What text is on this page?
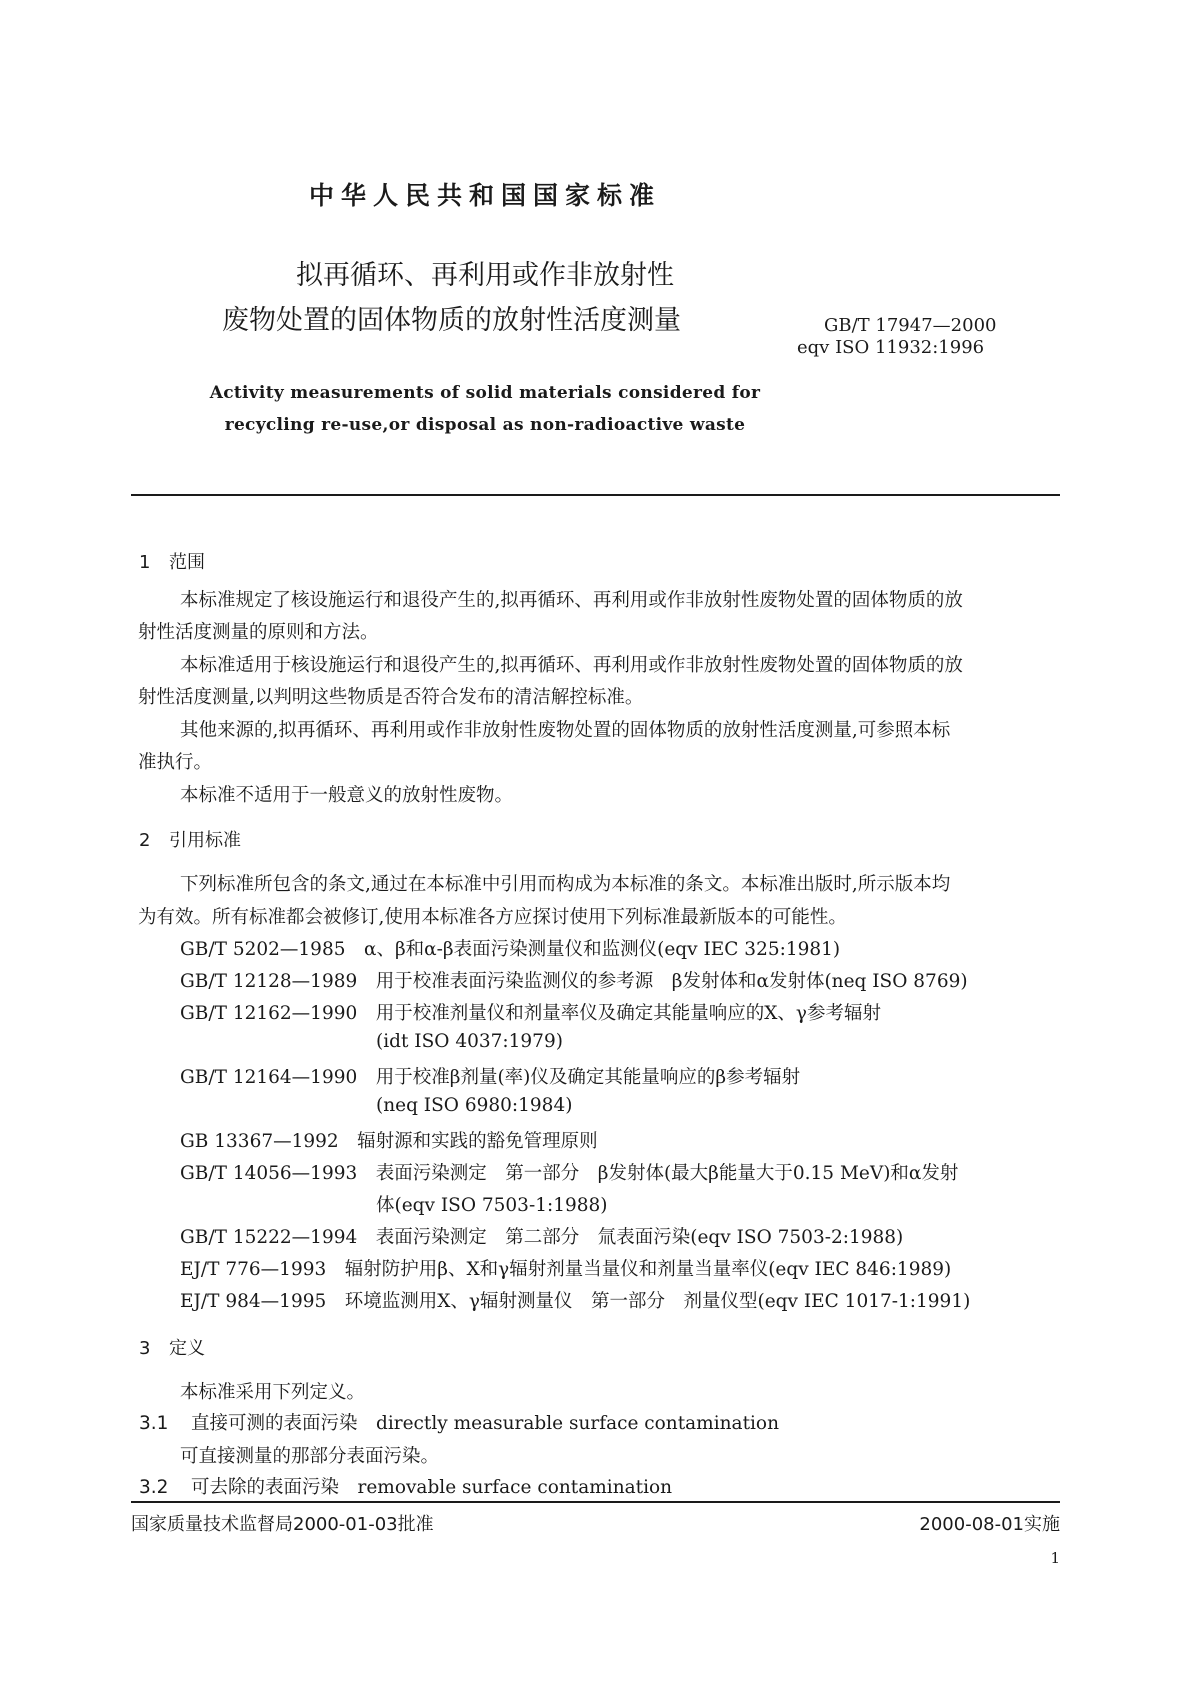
中华人民共和国国家标准
拟再循环、再利用或作非放射性
废物处置的固体物质的放射性活度测量	GB/T 17947—2000
eqv ISO 11932:1996
Activity measurements of solid materials considered for
recycling re-use,or disposal as non-radioactive waste
1 范围
本标准规定了核设施运行和退役产生的,拟再循环、再利用或作非放射性废物处置的固体物质的放
射性活度测量的原则和方法。
本标准适用于核设施运行和退役产生的,拟再循环、再利用或作非放射性废物处置的固体物质的放
射性活度测量,以判明这些物质是否符合发布的清洁解控标准。
其他来源的,拟再循环、再利用或作非放射性废物处置的固体物质的放射性活度测量,可参照本标
准执行。
本标准不适用于一般意义的放射性废物。
2 引用标准
下列标准所包含的条文,通过在本标准中引用而构成为本标准的条文。本标准出版时,所示版本均
为有效。所有标准都会被修订,使用本标准各方应探讨使用下列标准最新版本的可能性。
GB/T 5202—1985　α、β和α-β表面污染测量仪和监测仪(eqv IEC 325:1981)
GB/T 12128—1989　用于校准表面污染监测仪的参考源　β发射体和α发射体(neq ISO 8769)
GB/T 12162—1990　用于校准剂量仪和剂量率仪及确定其能量响应的X、γ参考辐射
(idt ISO 4037:1979)
GB/T 12164—1990　用于校准β剂量(率)仪及确定其能量响应的β参考辐射
(neq ISO 6980:1984)
GB 13367—1992　辐射源和实践的豁免管理原则
GB/T 14056—1993　表面污染测定　第一部分　β发射体(最大β能量大于0.15 MeV)和α发射
体(eqv ISO 7503-1:1988)
GB/T 15222—1994　表面污染测定　第二部分　氚表面污染(eqv ISO 7503-2:1988)
EJ/T 776—1993　辐射防护用β、X和γ辐射剂量当量仪和剂量当量率仪(eqv IEC 846:1989)
EJ/T 984—1995　环境监测用X、γ辐射测量仪　第一部分　剂量仪型(eqv IEC 1017-1:1991)
3 定义
本标准采用下列定义。
3.1 直接可测的表面污染　directly measurable surface contamination
可直接测量的那部分表面污染。
3.2 可去除的表面污染　removable surface contamination
国家质量技术监督局2000-01-03批准	2000-08-01实施
1
